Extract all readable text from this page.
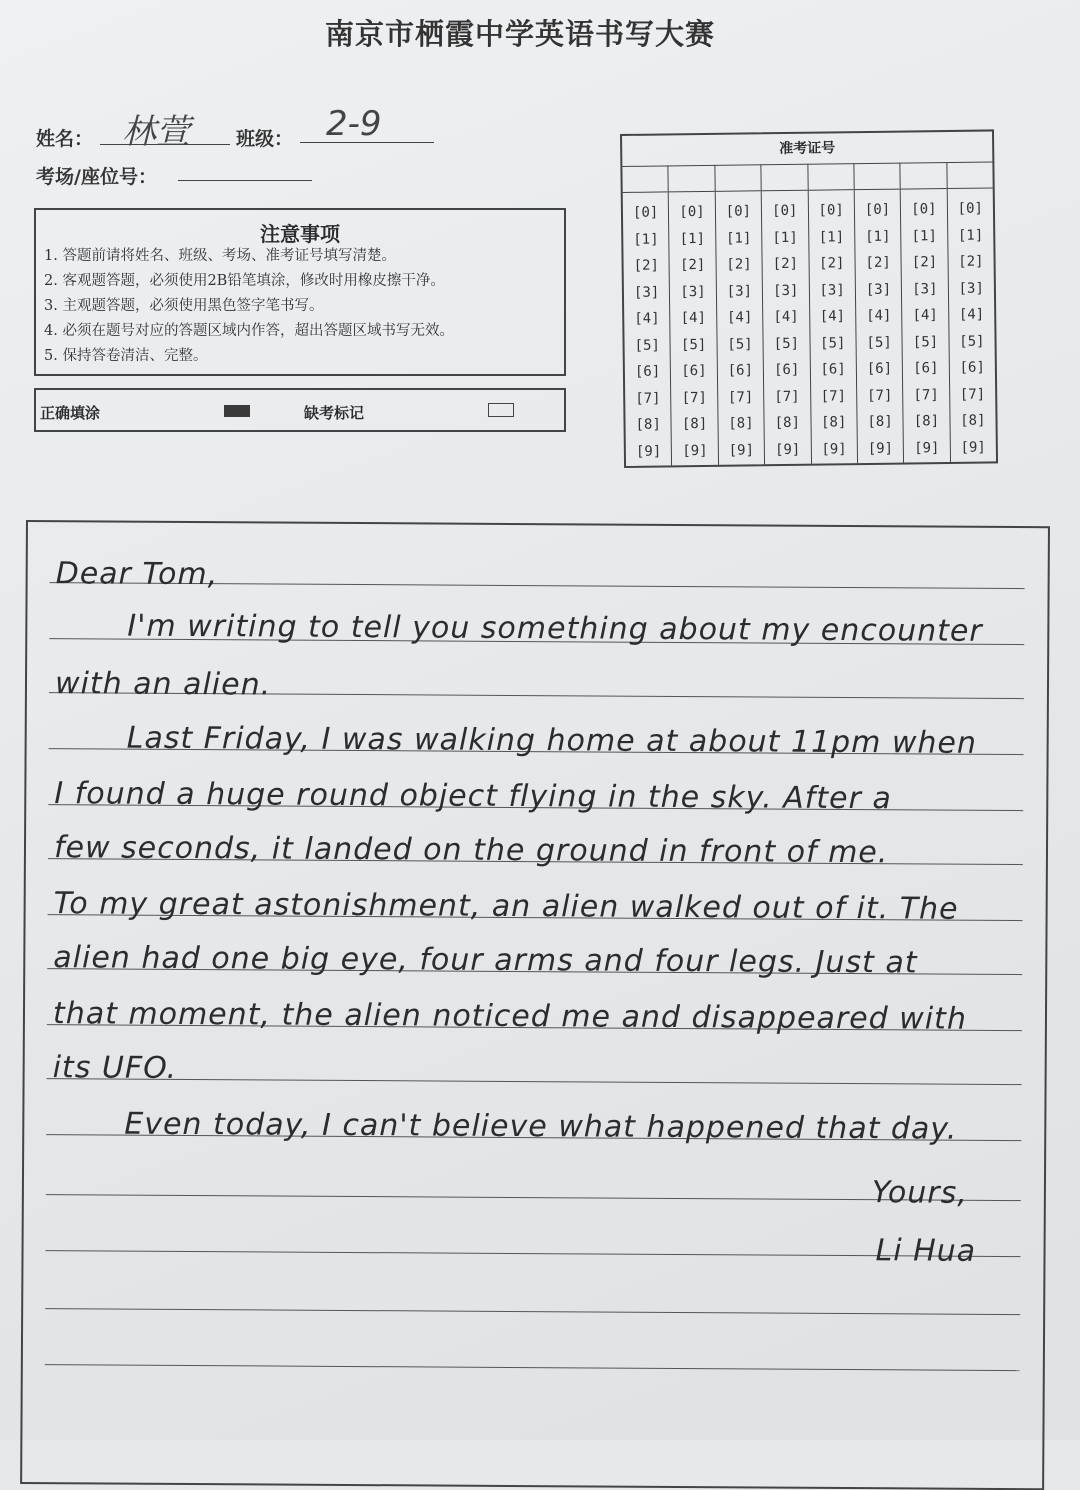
南京市栖霞中学英语书写大赛
姓名： 林萱 班级： 2-9
考场/座位号：
注意事项
1. 答题前请将姓名、班级、考场、准考证号填写清楚。
2. 客观题答题，必须使用2B铅笔填涂，修改时用橡皮擦干净。
3. 主观题答题，必须使用黑色签字笔书写。
4. 必须在题号对应的答题区域内作答，超出答题区域书写无效。
5. 保持答卷清洁、完整。
正确填涂	缺考标记
准考证号
[0]
[1]
[2]
[3]
[4]
[5]
[6]
[7]
[8]
[9]
[0]
[1]
[2]
[3]
[4]
[5]
[6]
[7]
[8]
[9]
[0]
[1]
[2]
[3]
[4]
[5]
[6]
[7]
[8]
[9]
[0]
[1]
[2]
[3]
[4]
[5]
[6]
[7]
[8]
[9]
[0]
[1]
[2]
[3]
[4]
[5]
[6]
[7]
[8]
[9]
[0]
[1]
[2]
[3]
[4]
[5]
[6]
[7]
[8]
[9]
[0]
[1]
[2]
[3]
[4]
[5]
[6]
[7]
[8]
[9]
[0]
[1]
[2]
[3]
[4]
[5]
[6]
[7]
[8]
[9]
Dear Tom,
I'm writing to tell you something about my encounter
with an alien.
Last Friday, I was walking home at about 11pm when
I found a huge round object flying in the sky. After a
few seconds, it landed on the ground in front of me.
To my great astonishment, an alien walked out of it. The
alien had one big eye, four arms and four legs. Just at
that moment, the alien noticed me and disappeared with
its UFO.
Even today, I can't believe what happened that day.
Yours,
Li Hua
